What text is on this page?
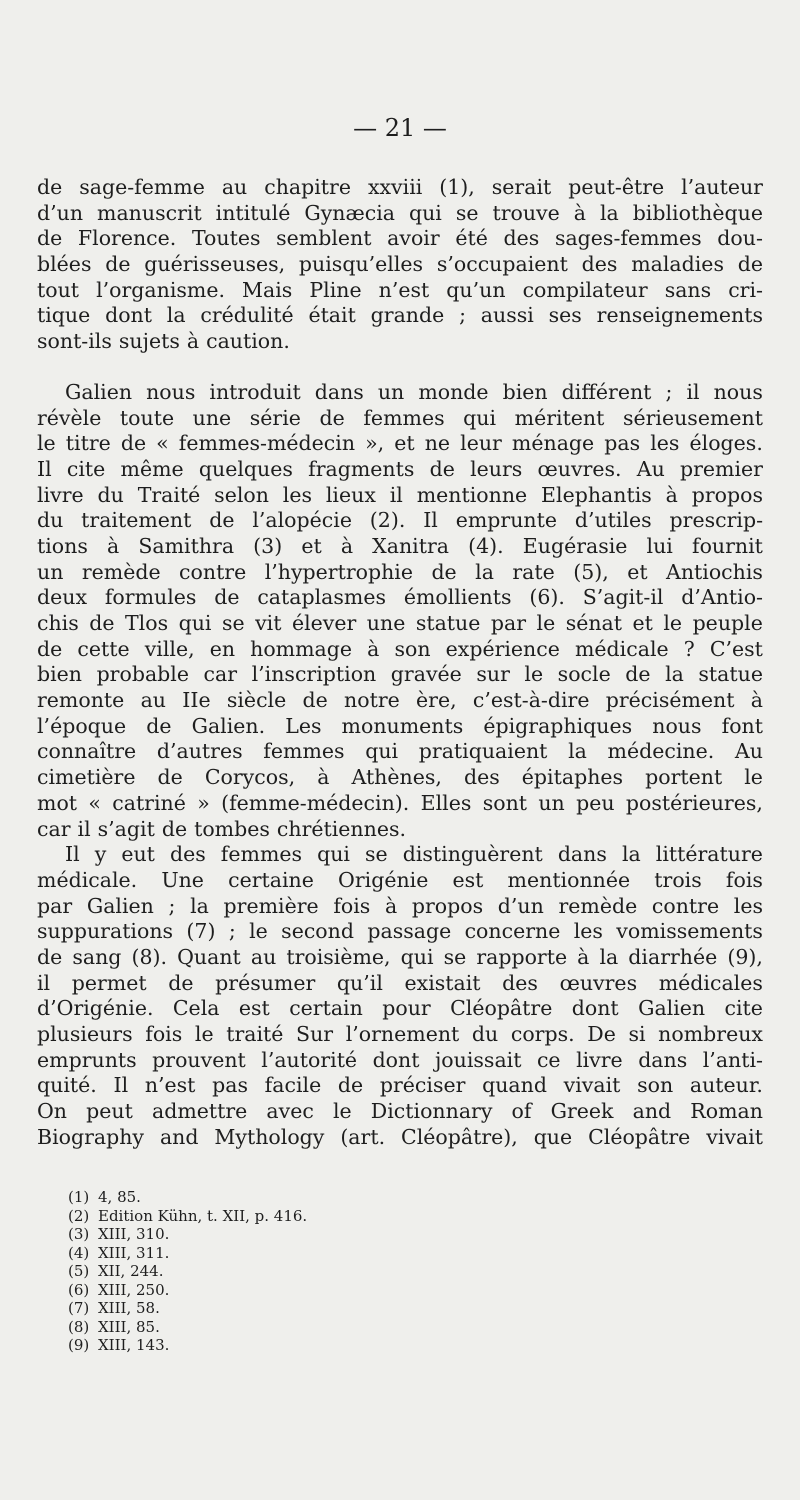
— 21 —
de sage-femme au chapitre xxviii (1), serait peut-être l’auteur
d’un manuscrit intitulé Gynæcia qui se trouve à la bibliothèque
de Florence. Toutes semblent avoir été des sages-femmes dou-
blées de guérisseuses, puisqu’elles s’occupaient des maladies de
tout l’organisme. Mais Pline n’est qu’un compilateur sans cri-
tique dont la crédulité était grande ; aussi ses renseignements
sont-ils sujets à caution.
Galien nous introduit dans un monde bien différent ; il nous
révèle toute une série de femmes qui méritent sérieusement
le titre de « femmes-médecin », et ne leur ménage pas les éloges.
Il cite même quelques fragments de leurs œuvres. Au premier
livre du Traité selon les lieux il mentionne Elephantis à propos
du traitement de l’alopécie (2). Il emprunte d’utiles prescrip-
tions à Samithra (3) et à Xanitra (4). Eugérasie lui fournit
un remède contre l’hypertrophie de la rate (5), et Antiochis
deux formules de cataplasmes émollients (6). S’agit-il d’Antio-
chis de Tlos qui se vit élever une statue par le sénat et le peuple
de cette ville, en hommage à son expérience médicale ? C’est
bien probable car l’inscription gravée sur le socle de la statue
remonte au IIe siècle de notre ère, c’est-à-dire précisément à
l’époque de Galien. Les monuments épigraphiques nous font
connaître d’autres femmes qui pratiquaient la médecine. Au
cimetière de Corycos, à Athènes, des épitaphes portent le
mot « catriné » (femme-médecin). Elles sont un peu postérieures,
car il s’agit de tombes chrétiennes.
Il y eut des femmes qui se distinguèrent dans la littérature
médicale. Une certaine Origénie est mentionnée trois fois
par Galien ; la première fois à propos d’un remède contre les
suppurations (7) ; le second passage concerne les vomissements
de sang (8). Quant au troisième, qui se rapporte à la diarrhée (9),
il permet de présumer qu’il existait des œuvres médicales
d’Origénie. Cela est certain pour Cléopâtre dont Galien cite
plusieurs fois le traité Sur l’ornement du corps. De si nombreux
emprunts prouvent l’autorité dont jouissait ce livre dans l’anti-
quité. Il n’est pas facile de préciser quand vivait son auteur.
On peut admettre avec le Dictionnary of Greek and Roman
Biography and Mythology (art. Cléopâtre), que Cléopâtre vivait
(1) 4, 85.
(2) Edition Kühn, t. XII, p. 416.
(3) XIII, 310.
(4) XIII, 311.
(5) XII, 244.
(6) XIII, 250.
(7) XIII, 58.
(8) XIII, 85.
(9) XIII, 143.
